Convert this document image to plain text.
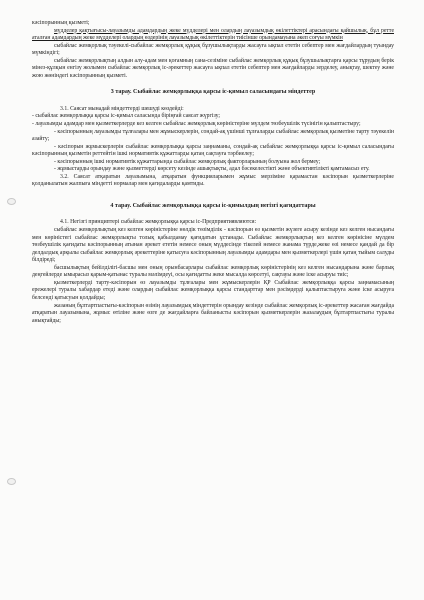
кәсіпорынның қызметі;

мүдделер қақтығысы-лауазымды адамдардың жеке мүдделері мен олардың лауазымдық өкілеттіктері арасындағы қайшылық, бұл ретте аталған адамдардың жеке мүдделері олардың өздерінің лауазымдық өкілеттіктерін тиісінше орындамауына әкеп соғуы мүмкін

сыбайлас жемқорлық тәуекелі-сыбайлас жемқорлық құқық бұзушылықтарды жасауға ықпал ететін себептер мен жағдайлардың туындау мүмкіндігі;

сыбайлас жемқорлықтың алдын алу-адам мен қоғамның сана-сезіміне сыбайлас жемқорлық құқық бұзушылықтарға қарсы тұрудың берік мінез-құлқын енгізу жолымен сыбайлас жемқорлық іс-әрекеттер жасауға ықпал ететін себептер мен жағдайларды зерделеу, анықтау, шектеу және жою жөніндегі кәсіпорынның қызметі.

3 тарау. Сыбайлас жемқорлыққа қарсы іс-қимыл саласындағы міндеттер

3.1. Саясат мынадай міндеттерді шешуді көздейді:

- сыбайлас жемқорлыққа қарсы іс-қимыл саласында біріңғай саясат жүргізу;

- лауазымды адамдар мен қызметкерлерде кез келген сыбайлас жемқорлық көріністеріне мүлдем төзбеушілік түсінігін қалыптастыру;

- кәсіпорынның лауазымды тұлғалары мен жұмыскерлерін, сондай-ақ үшінші тұлғаларды сыбайлас жемқорлық қызметіне тарту тәуекелін азайту;

- кәсіпорын жұмыскерлерін сыбайлас жемқорлыққа қарсы заңнаманы, сондай-ақ сыбайлас жемқорлыққа қарсы іс-қимыл саласындағы кәсіпорынның қызметін реттейтін ішкі нормативтік құжаттарды қатаң сақтауға тәрбиелеу;

- кәсіпорынның ішкі нормативтік құжаттарында сыбайлас жемқорлық факторларының болуына жол бермеу;

- жұмыстарды орындау және қызметтерді көрсету кезінде ашықтықты, адал бәсекелестікті және объективтілікті қамтамасыз ету.

3.2. Саясат атқаратын лауазымына, атқаратын функцияларымен жұмыс мерзіміне қарамастан кәсіпорын қызметкерлеріне қолданылатын жалпыға міндетті нормалар мен қағидаларды қамтиды.

4 тарау. Сыбайлас жемқорлыққа қарсы іс-қимылдың негізгі қағидаттары

4.1. Негізгі принциптері сыбайлас жемқорлыққа қарсы іс-Предприятиявляются:

сыбайлас жемқорлықтың кез келген көріністеріне нөлдік төзімділік - кәсіпорын өз қызметін жүзеге асыру кезінде кез келген нысандағы мен көріністегі сыбайлас жемқорлықты толық қабылдамау қағидатын ұстанады. Сыбайлас жемқорлықтың кез келген көрінісіне мүлдем төзбеушілік қағидаты кәсіпорынның атынан әрекет ететін немесе оның мүддесінде тікелей немесе жанама түрде,жеке өзі немесе қандай да бір делдалдық арқылы сыбайлас жемқорлық әрекеттеріне қатысуға кәсіпорынның лауазымды адамдары мен қызметкерлері үшін қатаң тыйым салуды білдіреді;

басшылықтың бейілділігі-басшы мен оның орынбасарлары сыбайлас жемқорлық көріністерінің кез келген нысандарына және барлық деңгейлерде ымырасыз қарым-қатынас туралы мәлімдеуі, осы қағидатты жеке мысалда көрсетуі, сақтауы және іске асыруы тиіс;

қызметкерлерді тарту-кәсіпорын өз лауазымды тұлғалары мен жұмыскерлерін ҚР Сыбайлас жемқорлыққа қарсы заңнамасының ережелері туралы хабардар етеді және олардың сыбайлас жемқорлыққа қарсы стандарттар мен рәсімдерді қалыптастыруға және іске асыруға белсенді қатысуын қолдайды;

жазаның бұлтартпастығы-кәсіпорын өзінің лауазымдық міндеттерін орындау кезінде сыбайлас жемқорлық іс-әрекеттер жасаған жағдайда атқаратын лауазымына, жұмыс өтіліне және өзге де жағдайларға байланысты кәсіпорын қызметкерлерін жазалаудың бұлтартпастығы туралы анықтайды;
